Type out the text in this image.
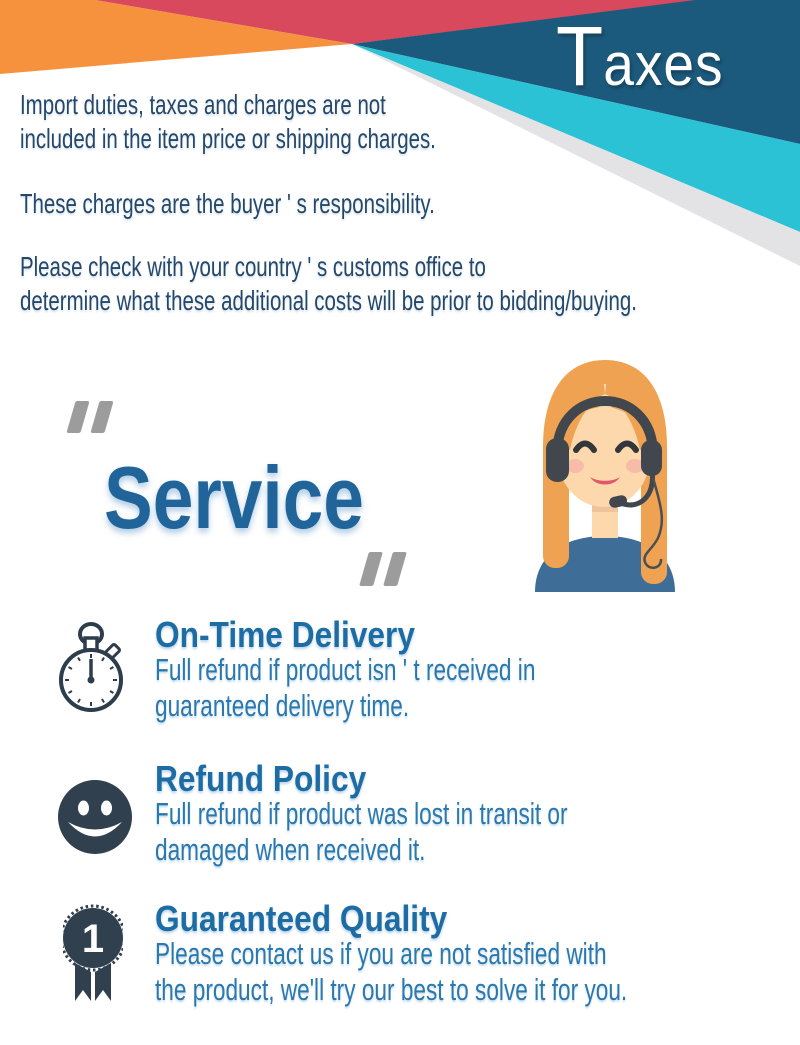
Taxes
Import duties, taxes and charges are not
included in the item price or shipping charges.
These charges are the buyer ' s responsibility.
Please check with your country ' s customs office to
determine what these additional costs will be prior to bidding/buying.
Service
On-Time Delivery
Full refund if product isn ' t received in
guaranteed delivery time.
Refund Policy
Full refund if product was lost in transit or
damaged when received it.
1 Guaranteed Quality
Please contact us if you are not satisfied with
the product, we'll try our best to solve it for you.
